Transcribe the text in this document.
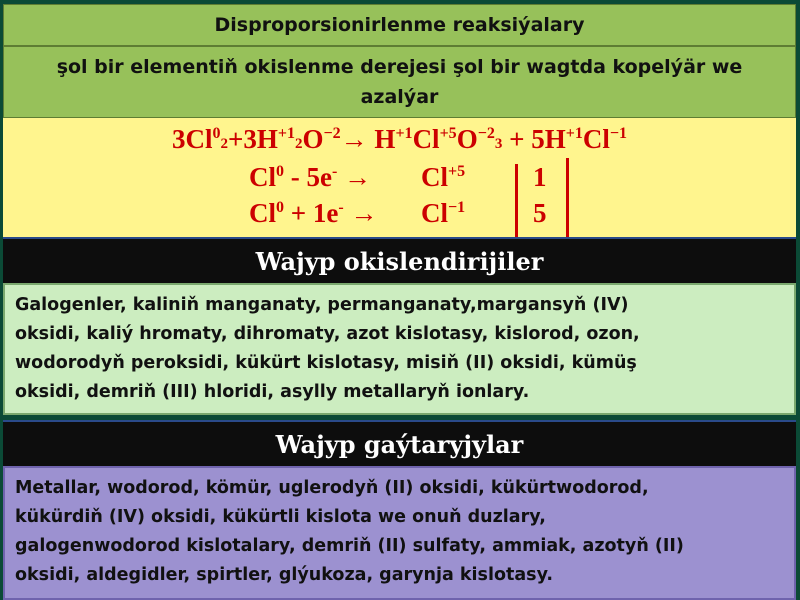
Disproporsionirlenme reaksiýalary
şol bir elementiň okislenme derejesi şol bir wagtda kopelýär we azalýar
$3Cl^02+3H^{+1}2O^{-2}\to H^{+1}Cl^{+5}O^{-2}3 + 5H^{+1}Cl^{-1}$
$Cl^0 - 5e^- \to Cl^{+5}$	1
$Cl^0 + 1e^- \to Cl^{-1}$	5
Wajyp okislendirijiler
Galogenler, kaliniň manganaty, permanganaty,margansyň (IV)
oksidi, kaliý hromaty, dihromaty, azot kislotasy, kislorod, ozon,
wodorodyň peroksidi, kükürt kislotasy, misiň (II) oksidi, kümüş
oksidi, demriň (III) hloridi, asylly metallaryň ionlary.
Wajyp gaýtaryjylar
Metallar, wodorod, kömür, uglerodyň (II) oksidi, kükürtwodorod,
kükürdiň (IV) oksidi, kükürtli kislota we onuň duzlary,
galogenwodorod kislotalary, demriň (II) sulfaty, ammiak, azotyň (II)
oksidi, aldegidler, spirtler, glýukoza, garynja kislotasy.
